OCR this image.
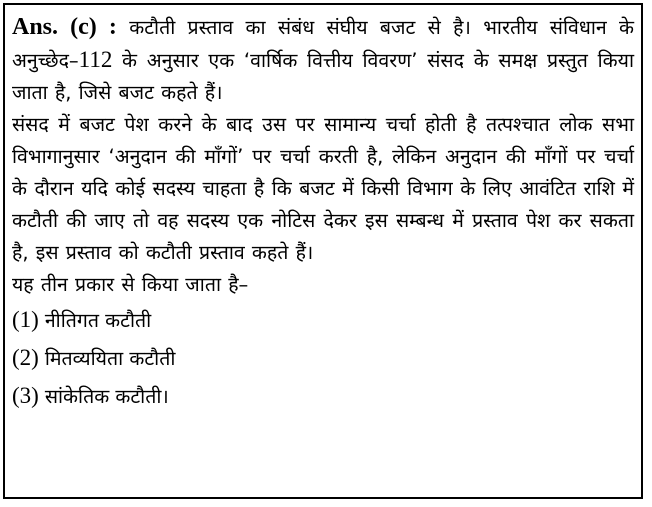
Ans. (c) : कटौती प्रस्ताव का संबंध संघीय बजट से है। भारतीय संविधान के अनुच्छेद–112 के अनुसार एक ‘वार्षिक वित्तीय विवरण’ संसद के समक्ष प्रस्तुत किया जाता है, जिसे बजट कहते हैं।

संसद में बजट पेश करने के बाद उस पर सामान्य चर्चा होती है तत्पश्चात लोक सभा विभागानुसार ‘अनुदान की माँगों’ पर चर्चा करती है, लेकिन अनुदान की माँगों पर चर्चा के दौरान यदि कोई सदस्य चाहता है कि बजट में किसी विभाग के लिए आवंटित राशि में कटौती की जाए तो वह सदस्य एक नोटिस देकर इस सम्बन्ध में प्रस्ताव पेश कर सकता है, इस प्रस्ताव को कटौती प्रस्ताव कहते हैं।

यह तीन प्रकार से किया जाता है–

(1) नीतिगत कटौती
(2) मितव्ययिता कटौती
(3) सांकेतिक कटौती।
